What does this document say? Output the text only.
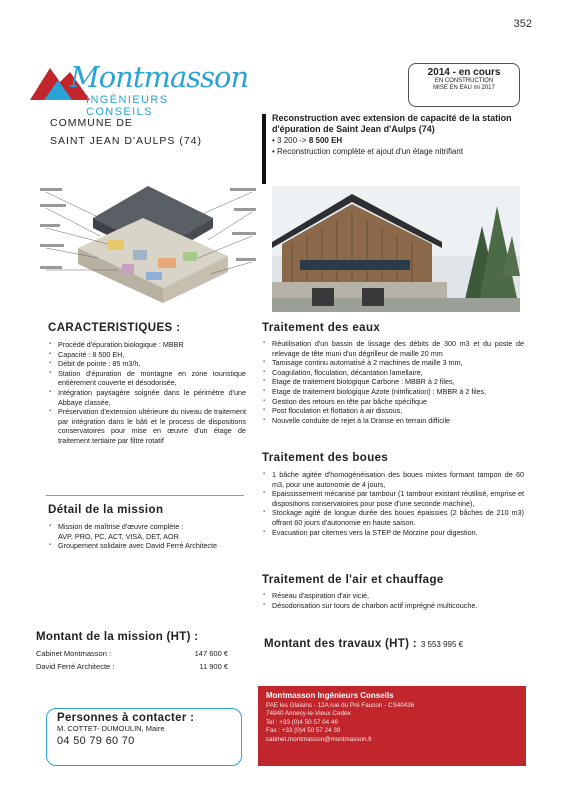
352
Montmasson
INGÉNIEURS CONSEILS
2014 - en cours
EN CONSTRUCTION
MISE EN EAU mi 2017
COMMUNE DE
SAINT JEAN D'AULPS (74)
Reconstruction avec extension de capacité de la station
d'épuration de Saint Jean d'Aulps (74)
• 3 200 -> 8 500 EH
• Reconstruction complète et ajout d'un étage nitrifiant
CARACTERISTIQUES :
▪ Procédé d'épuration biologique : MBBR
▪ Capacité : 8 500 EH,
▪ Débit de pointe : 85 m3/h,
▪ Station d'épuration de montagne en zone touristique entièrement couverte et désodorisée,
▪ Intégration paysagère soignée dans le périmètre d'une Abbaye classée,
▪ Préservation d'extension ultérieure du niveau de traitement par intégration dans le bâti et le process de dispositions conservatoires pour mise en œuvre d'un étage de traitement tertiaire par filtre rotatif
Détail de la mission
▪ Mission de maîtrise d'œuvre complète :
AVP, PRO, PC, ACT, VISA, DET, AOR
▪ Groupement solidaire avec David Ferré Architecte
Traitement des eaux
▪ Réutilisation d'un bassin de lissage des débits de 300 m3 et du poste de relevage de tête muni d'un dégrilleur de maille 20 mm
▪ Tamisage continu automatisé à 2 machines de maille 3 mm,
▪ Coagulation, floculation, décantation lamellaire,
▪ Etage de traitement biologique Carbone : MBBR à 2 files,
▪ Etage de traitement biologique Azote (nitrification) : MBBR à 2 files,
▪ Gestion des retours en tête par bâche spécifique
▪ Post floculation et flottation à air dissous,
▪ Nouvelle conduite de rejet à la Dranse en terrain difficile
Traitement des boues
▪ 1 bâche agitée d'homogénéisation des boues mixtes formant tampon de 60 m3, pour une autonomie de 4 jours,
▪ Epaississement mécanisé par tambour (1 tambour existant réutilisé, emprise et dispositions conservatoires pour pose d'une seconde machine),
▪ Stockage agité de longue durée des boues épaissies (2 bâches de 210 m3) offrant 60 jours d'autonomie en haute saison.
▪ Evacuation par citernes vers la STEP de Morzine pour digestion.
Traitement de l'air et chauffage
▪ Réseau d'aspiration d'air vicié,
▪ Désodorisation sur tours de charbon actif imprégné multicouche.
Montant de la mission (HT) :
Cabinet Montmasson :	147 600 €
David Ferré Architecte :	11 900 €
Montant des travaux (HT) : 3 553 995 €
Personnes à contacter :
M. COTTET- DUMOULIN, Maire
04 50 79 60 70
Montmasson Ingénieurs Conseils
PAE les Glaisins - 12A rue du Pré Faucon - CS40436
74940 Annecy-le-Vieux Cedex
Tel : +33 (0)4 50 57 04 46
Fax : +33 (0)4 50 57 24 39
cabinet.montmasson@montmasson.fr
